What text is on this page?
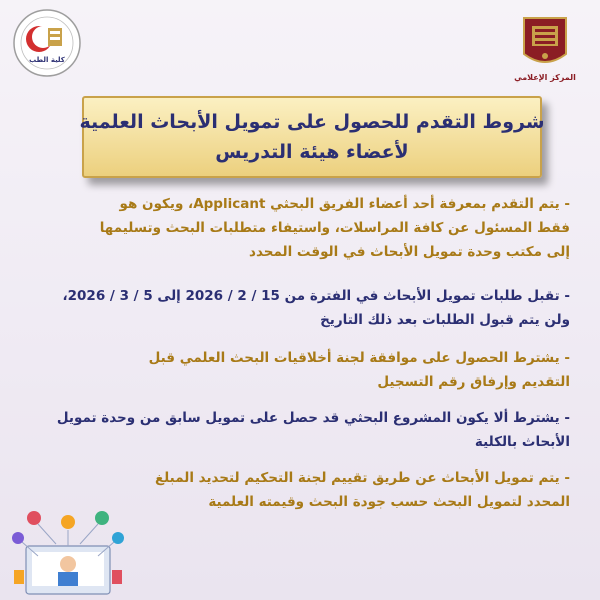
كلية الطب
المركز الإعلامي
شروط التقدم للحصول على تمويل الأبحاث العلمية
لأعضاء هيئة التدريس
- يتم التقدم بمعرفة أحد أعضاء الفريق البحثي Applicant، ويكون هو
فقط المسئول عن كافة المراسلات، واستيفاء متطلبات البحث وتسليمها
إلى مكتب وحدة تمويل الأبحاث في الوقت المحدد
- تقبل طلبات تمويل الأبحاث في الفترة من 15 / 2 / 2026 إلى 5 / 3 / 2026،
ولن يتم قبول الطلبات بعد ذلك التاريخ
- يشترط الحصول على موافقة لجنة أخلاقيات البحث العلمي قبل
التقديم وإرفاق رقم التسجيل
- يشترط ألا يكون المشروع البحثي قد حصل على تمويل سابق من وحدة تمويل
الأبحاث بالكلية
- يتم تمويل الأبحاث عن طريق تقييم لجنة التحكيم لتحديد المبلغ
المحدد لتمويل البحث حسب جودة البحث وقيمته العلمية
